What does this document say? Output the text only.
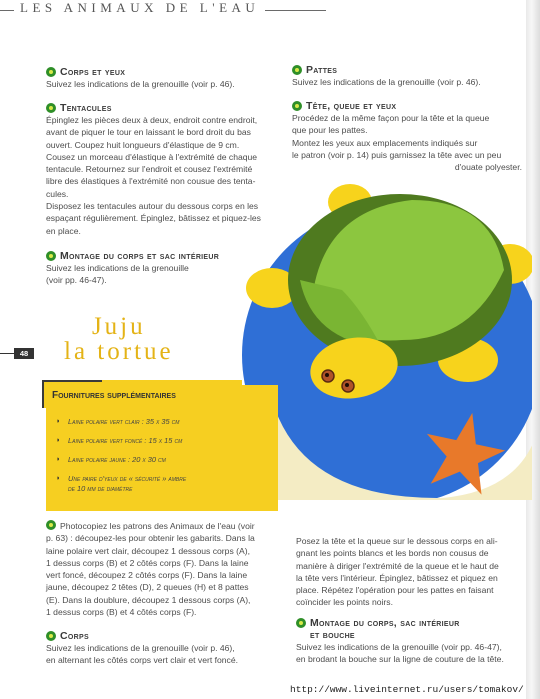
LES ANIMAUX DE L'EAU
Corps et yeux
Suivez les indications de la grenouille (voir p. 46).
Tentacules
Épinglez les pièces deux à deux, endroit contre endroit,
avant de piquer le tour en laissant le bord droit du bas
ouvert. Coupez huit longueurs d'élastique de 9 cm.
Cousez un morceau d'élastique à l'extrémité de chaque
tentacule. Retournez sur l'endroit et cousez l'extrémité
libre des élastiques à l'extrémité non cousue des tenta-
cules.
Disposez les tentacules autour du dessous corps en les
espaçant régulièrement. Épinglez, bâtissez et piquez-les
en place.
Montage du corps et sac intérieur
Suivez les indications de la grenouille
(voir pp. 46-47).
Pattes
Suivez les indications de la grenouille (voir p. 46).
Tête, queue et yeux
Procédez de la même façon pour la tête et la queue
que pour les pattes.
Montez les yeux aux emplacements indiqués sur
le patron (voir p. 14) puis garnissez la tête avec un peu
d'ouate polyester.
48
Juju
la tortue
Fournitures supplémentaires
◗ Laine polaire vert clair : 35 x 35 cm
◗ Laine polaire vert foncé : 15 x 15 cm
◗ Laine polaire jaune : 20 x 30 cm
◗ Une paire d'yeux de « sécurité » ambre
de 10 mm de diamètre
Photocopiez les patrons des Animaux de l'eau (voir
p. 63) : découpez-les pour obtenir les gabarits. Dans la
laine polaire vert clair, découpez 1 dessous corps (A),
1 dessus corps (B) et 2 côtés corps (F). Dans la laine
vert foncé, découpez 2 côtés corps (F). Dans la laine
jaune, découpez 2 têtes (D), 2 queues (H) et 8 pattes
(E). Dans la doublure, découpez 1 dessous corps (A),
1 dessus corps (B) et 4 côtés corps (F).
Corps
Suivez les indications de la grenouille (voir p. 46),
en alternant les côtés corps vert clair et vert foncé.
Posez la tête et la queue sur le dessous corps en ali-
gnant les points blancs et les bords non cousus de
manière à diriger l'extrémité de la queue et le haut de
la tête vers l'intérieur. Épinglez, bâtissez et piquez en
place. Répétez l'opération pour les pattes en faisant
coïncider les points noirs.
Montage du corps, sac intérieur
et bouche
Suivez les indications de la grenouille (voir pp. 46-47),
en brodant la bouche sur la ligne de couture de la tête.
http://www.liveinternet.ru/users/tomakov/
